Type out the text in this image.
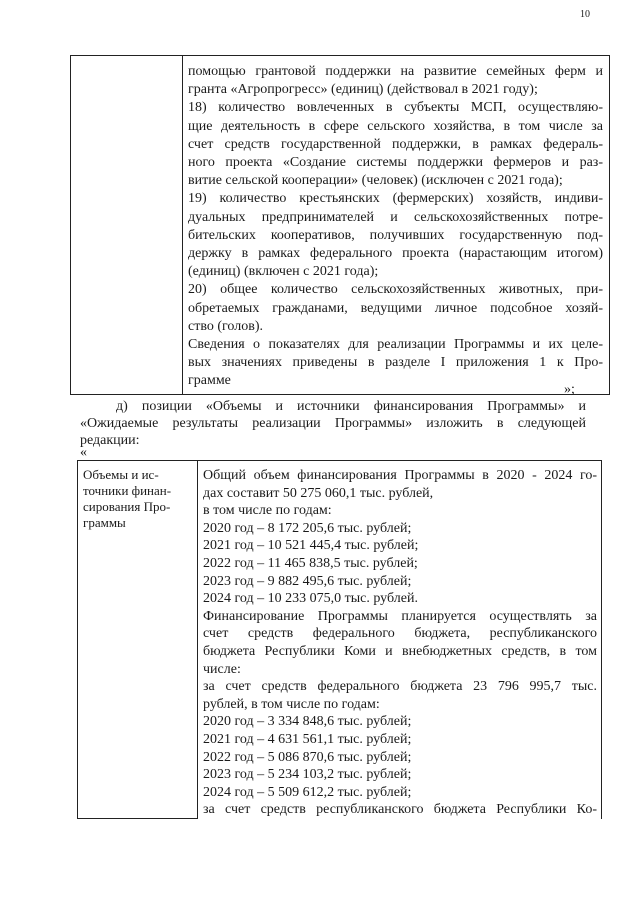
10

помощью грантовой поддержки на развитие семейных ферм и
гранта «Агропрогресс» (единиц) (действовал в 2021 году);
18) количество вовлеченных в субъекты МСП, осуществляю-
щие деятельность в сфере сельского хозяйства, в том числе за
счет средств государственной поддержки, в рамках федераль-
ного проекта «Создание системы поддержки фермеров и раз-
витие сельской кооперации» (человек) (исключен с 2021 года);
19) количество крестьянских (фермерских) хозяйств, индиви-
дуальных предпринимателей и сельскохозяйственных потре-
бительских кооперативов, получивших государственную под-
держку в рамках федерального проекта (нарастающим итогом)
(единиц) (включен с 2021 года);
20) общее количество сельскохозяйственных животных, при-
обретаемых гражданами, ведущими личное подсобное хозяй-
ство (голов).
Сведения о показателях для реализации Программы и их целе-
вых значениях приведены в разделе I приложения 1 к Про-
грамме
»;
д) позиции «Объемы и источники финансирования Программы» и
«Ожидаемые результаты реализации Программы» изложить в следующей
редакции:
«
Объемы и ис-
точники финан-
сирования Про-
граммы

Общий объем финансирования Программы в 2020 - 2024 го-
дах составит 50 275 060,1 тыс. рублей,
в том числе по годам:
2020 год – 8 172 205,6 тыс. рублей;
2021 год – 10 521 445,4 тыс. рублей;
2022 год – 11 465 838,5 тыс. рублей;
2023 год – 9 882 495,6 тыс. рублей;
2024 год – 10 233 075,0 тыс. рублей.
Финансирование Программы планируется осуществлять за
счет средств федерального бюджета, республиканского
бюджета Республики Коми и внебюджетных средств, в том
числе:
за счет средств федерального бюджета 23 796 995,7 тыс.
рублей, в том числе по годам:
2020 год – 3 334 848,6 тыс. рублей;
2021 год – 4 631 561,1 тыс. рублей;
2022 год – 5 086 870,6 тыс. рублей;
2023 год – 5 234 103,2 тыс. рублей;
2024 год – 5 509 612,2 тыс. рублей;
за счет средств республиканского бюджета Республики Ко-
